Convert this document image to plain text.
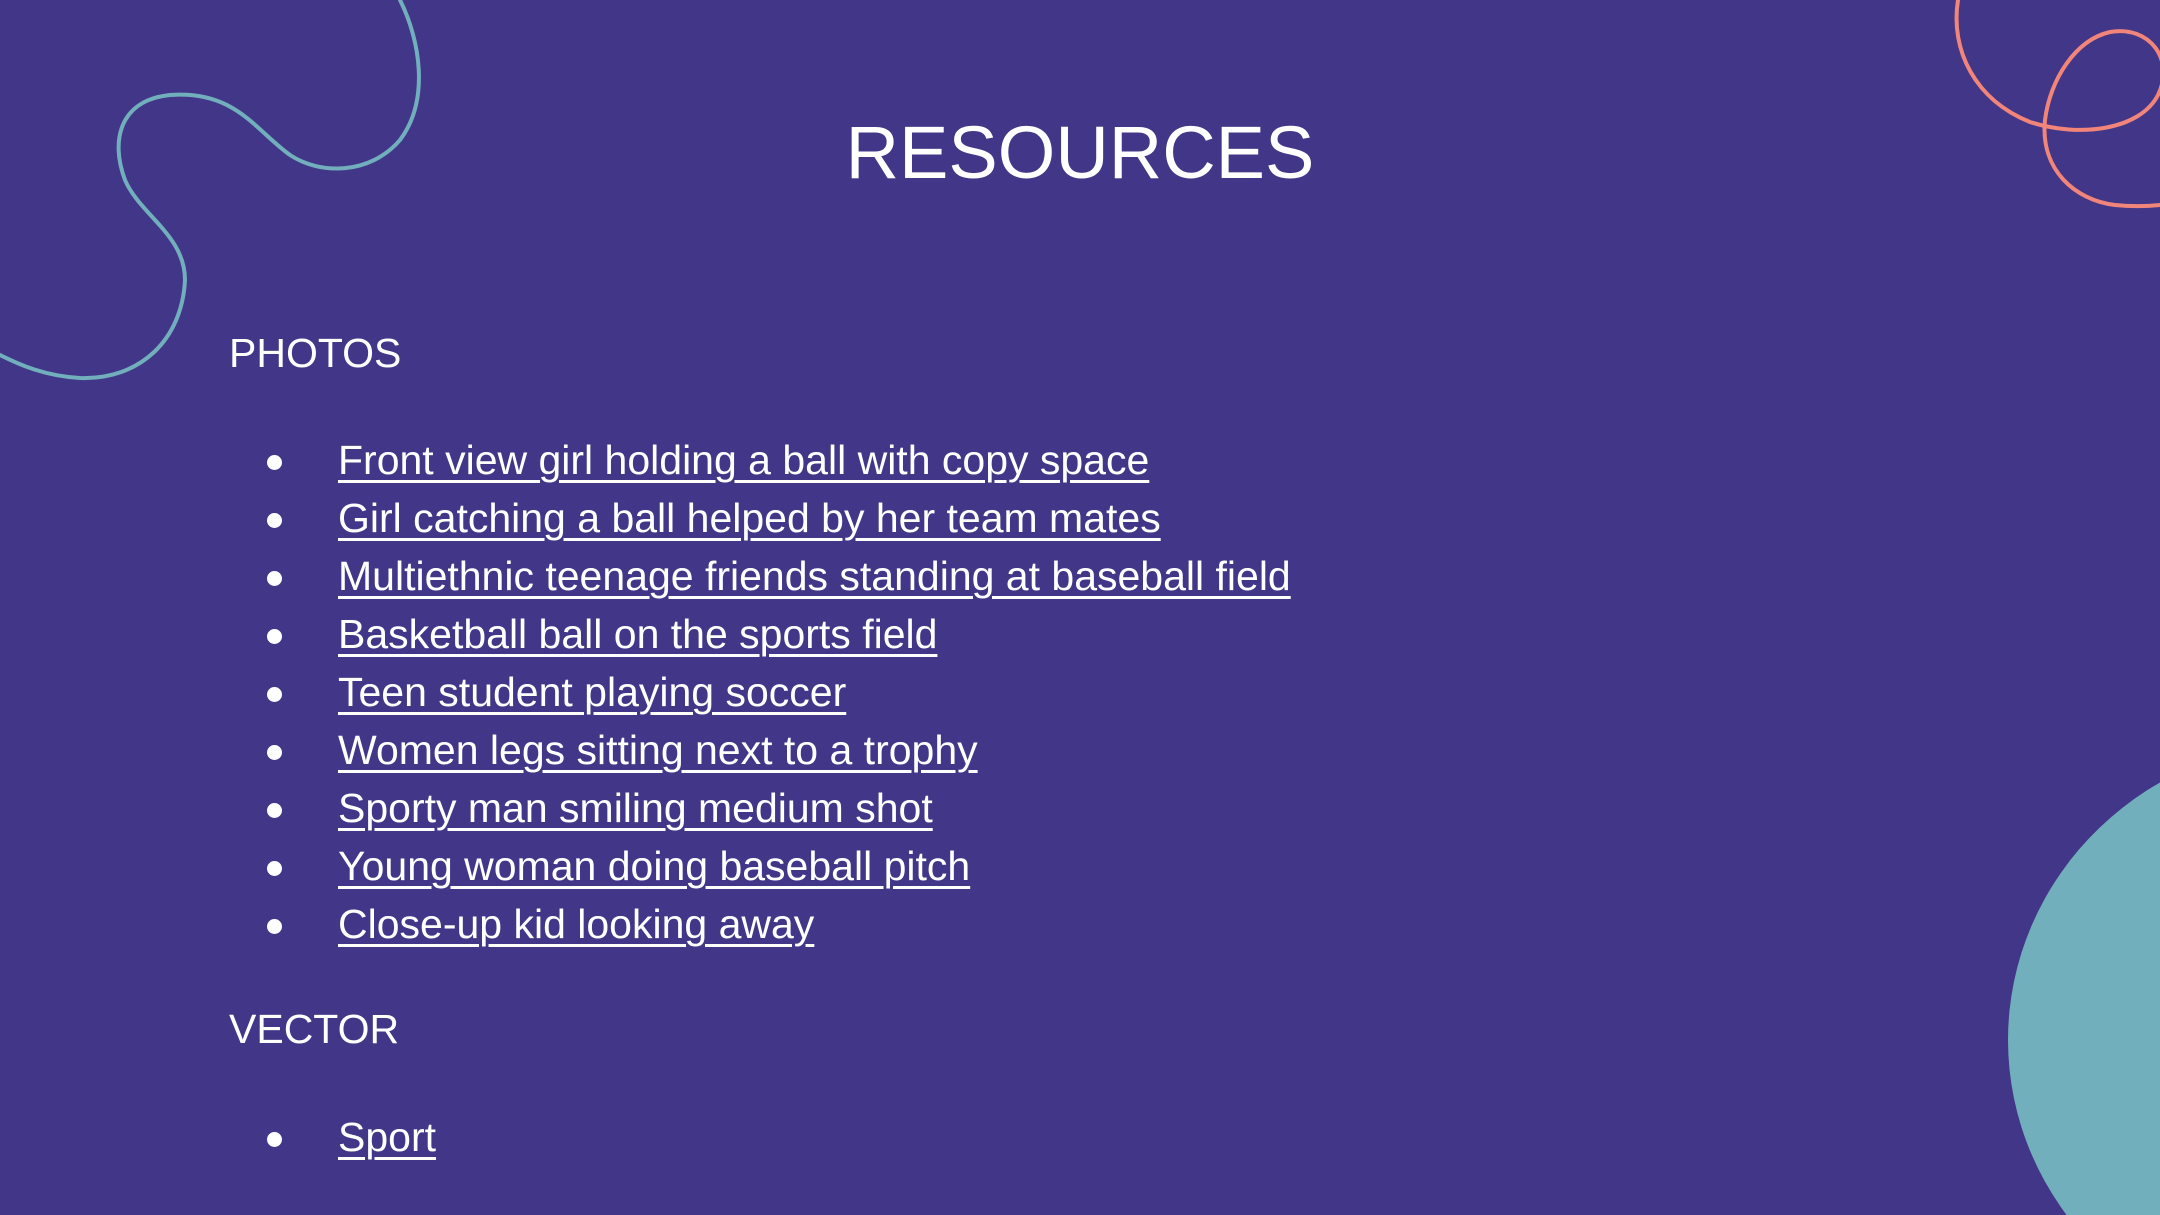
RESOURCES
PHOTOS
Front view girl holding a ball with copy space
Girl catching a ball helped by her team mates
Multiethnic teenage friends standing at baseball field
Basketball ball on the sports field
Teen student playing soccer
Women legs sitting next to a trophy
Sporty man smiling medium shot
Young woman doing baseball pitch
Close-up kid looking away
VECTOR
Sport
